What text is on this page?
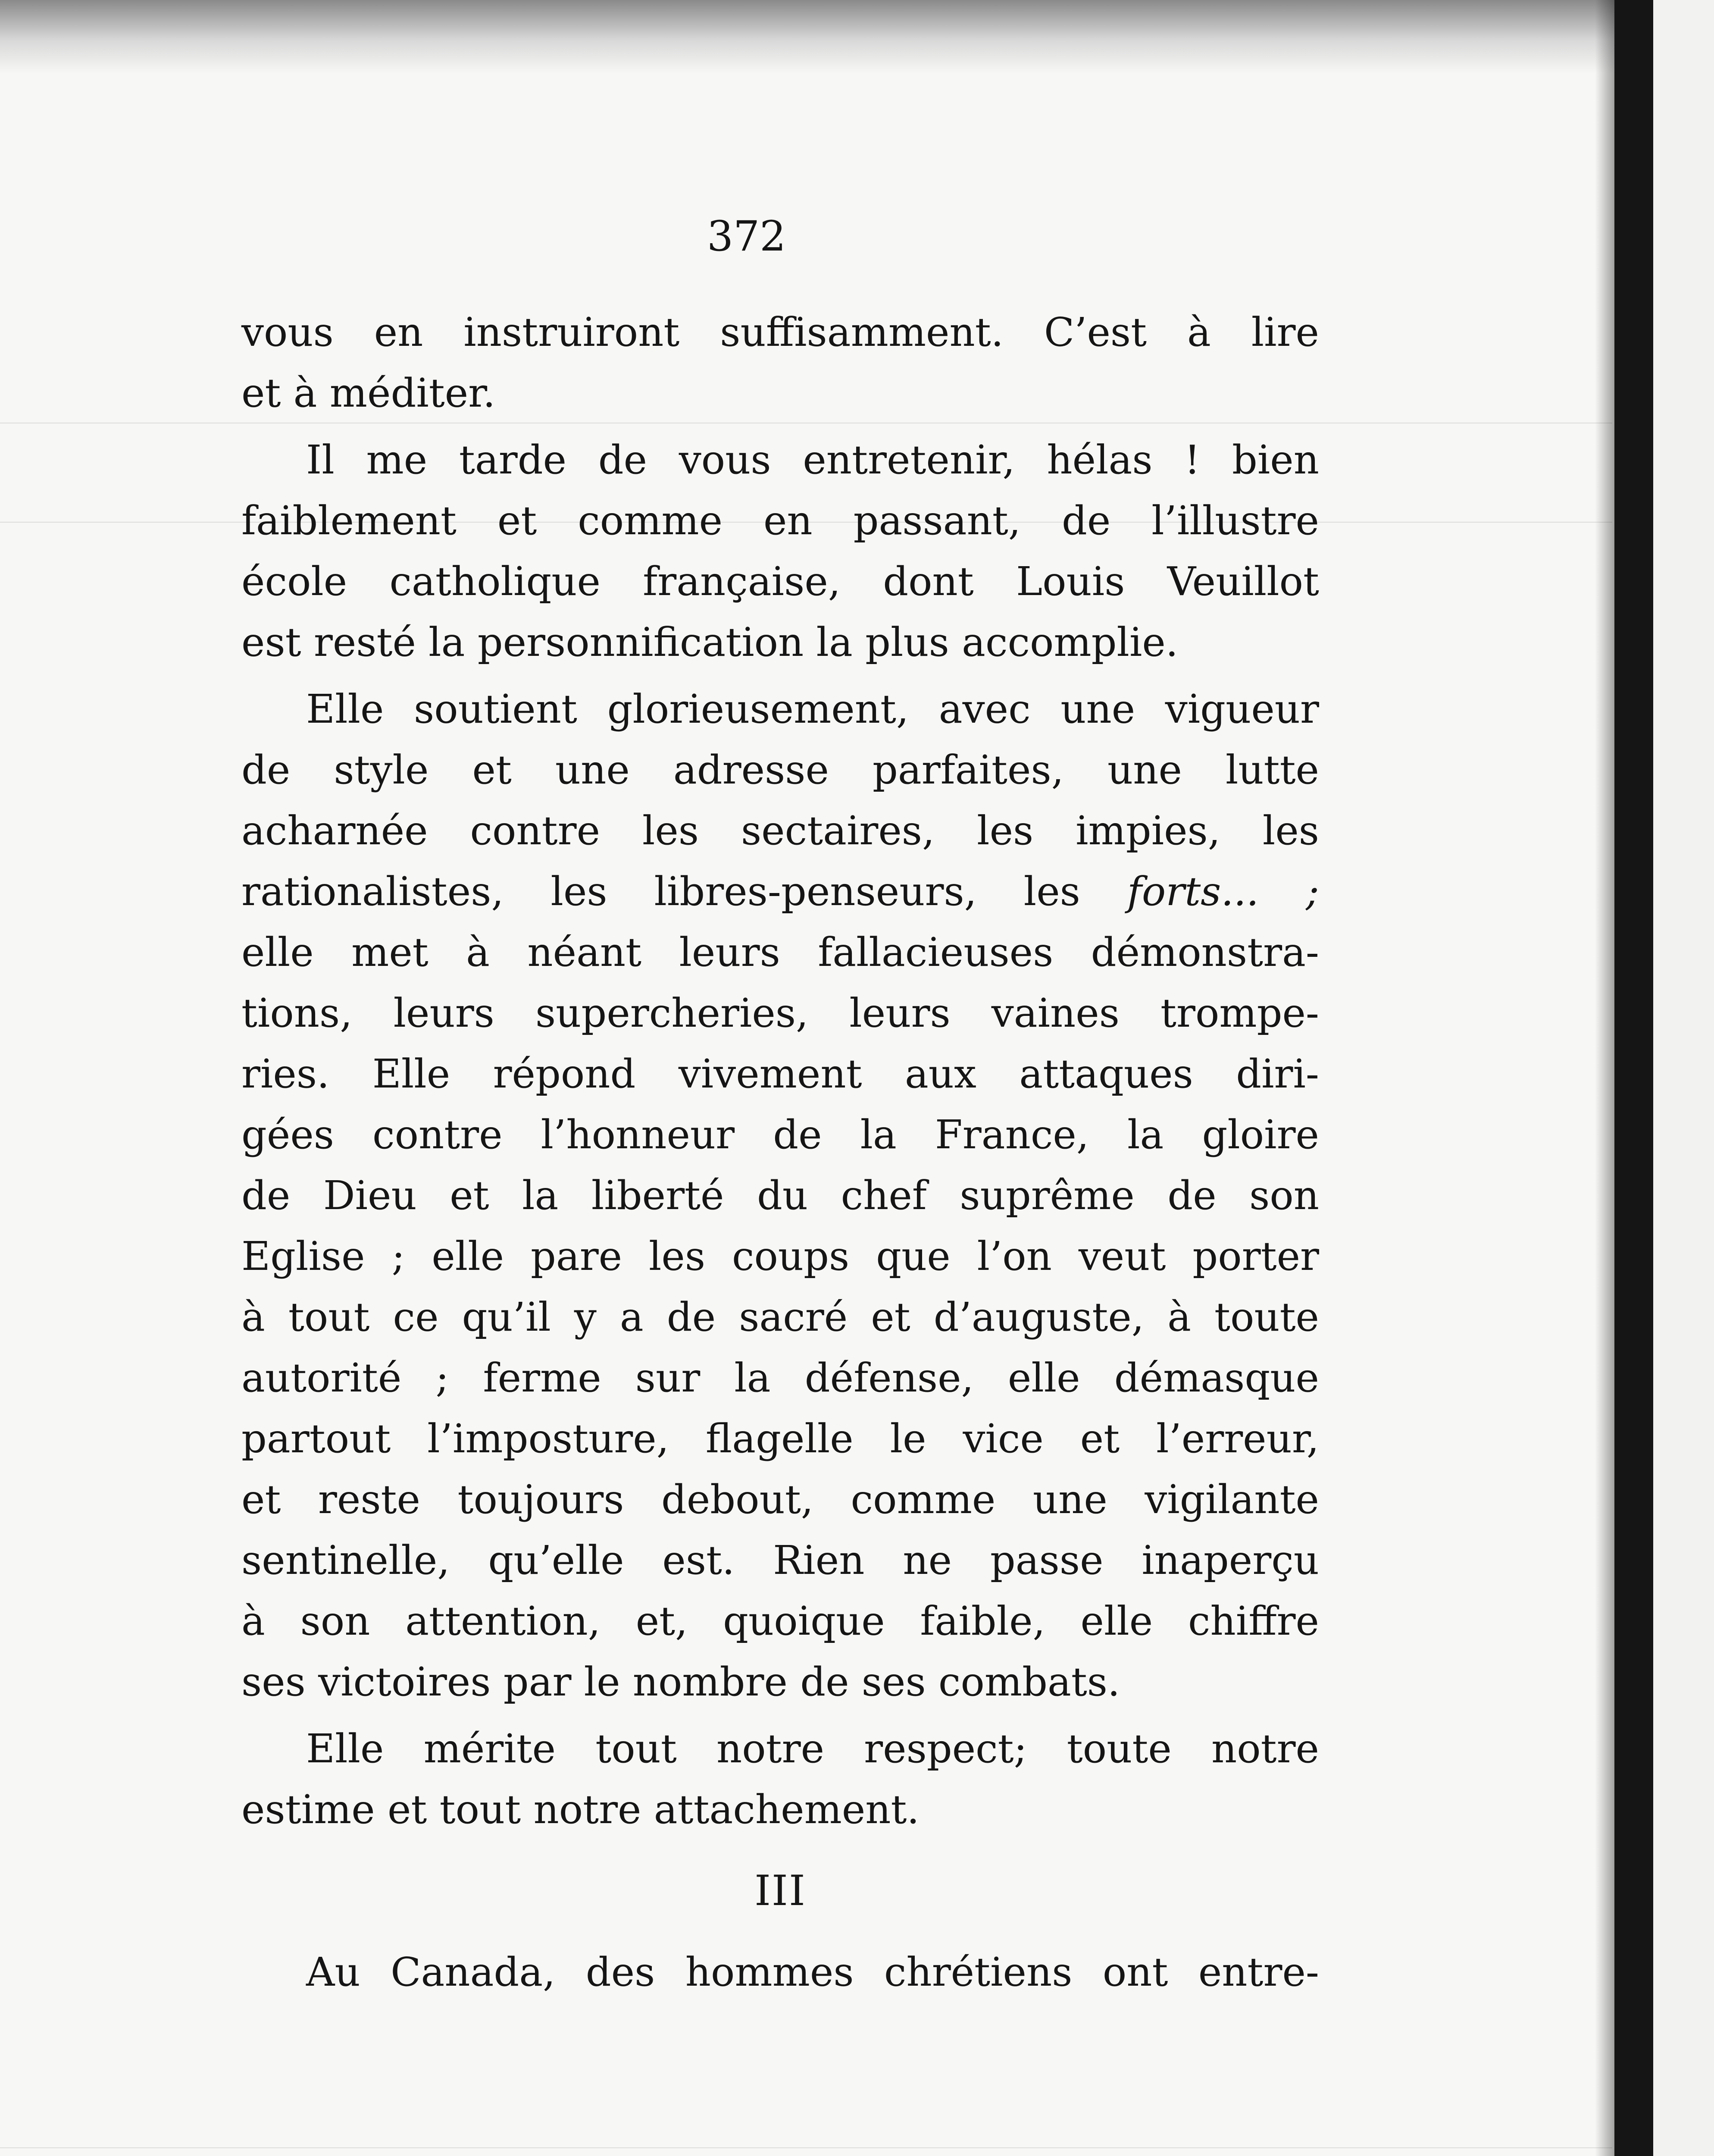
372
vous en instruiront suffisamment. C’est à lire
et à méditer.
Il me tarde de vous entretenir, hélas ! bien
faiblement et comme en passant, de l’illustre
école catholique française, dont Louis Veuillot
est resté la personnification la plus accomplie.
Elle soutient glorieusement, avec une vigueur
de style et une adresse parfaites, une lutte
acharnée contre les sectaires, les impies, les
rationalistes, les libres-penseurs, les forts... ;
elle met à néant leurs fallacieuses démonstra-
tions, leurs supercheries, leurs vaines trompe-
ries. Elle répond vivement aux attaques diri-
gées contre l’honneur de la France, la gloire
de Dieu et la liberté du chef suprême de son
Eglise ; elle pare les coups que l’on veut porter
à tout ce qu’il y a de sacré et d’auguste, à toute
autorité ; ferme sur la défense, elle démasque
partout l’imposture, flagelle le vice et l’erreur,
et reste toujours debout, comme une vigilante
sentinelle, qu’elle est. Rien ne passe inaperçu
à son attention, et, quoique faible, elle chiffre
ses victoires par le nombre de ses combats.
Elle mérite tout notre respect; toute notre
estime et tout notre attachement.
III
Au Canada, des hommes chrétiens ont entre-
